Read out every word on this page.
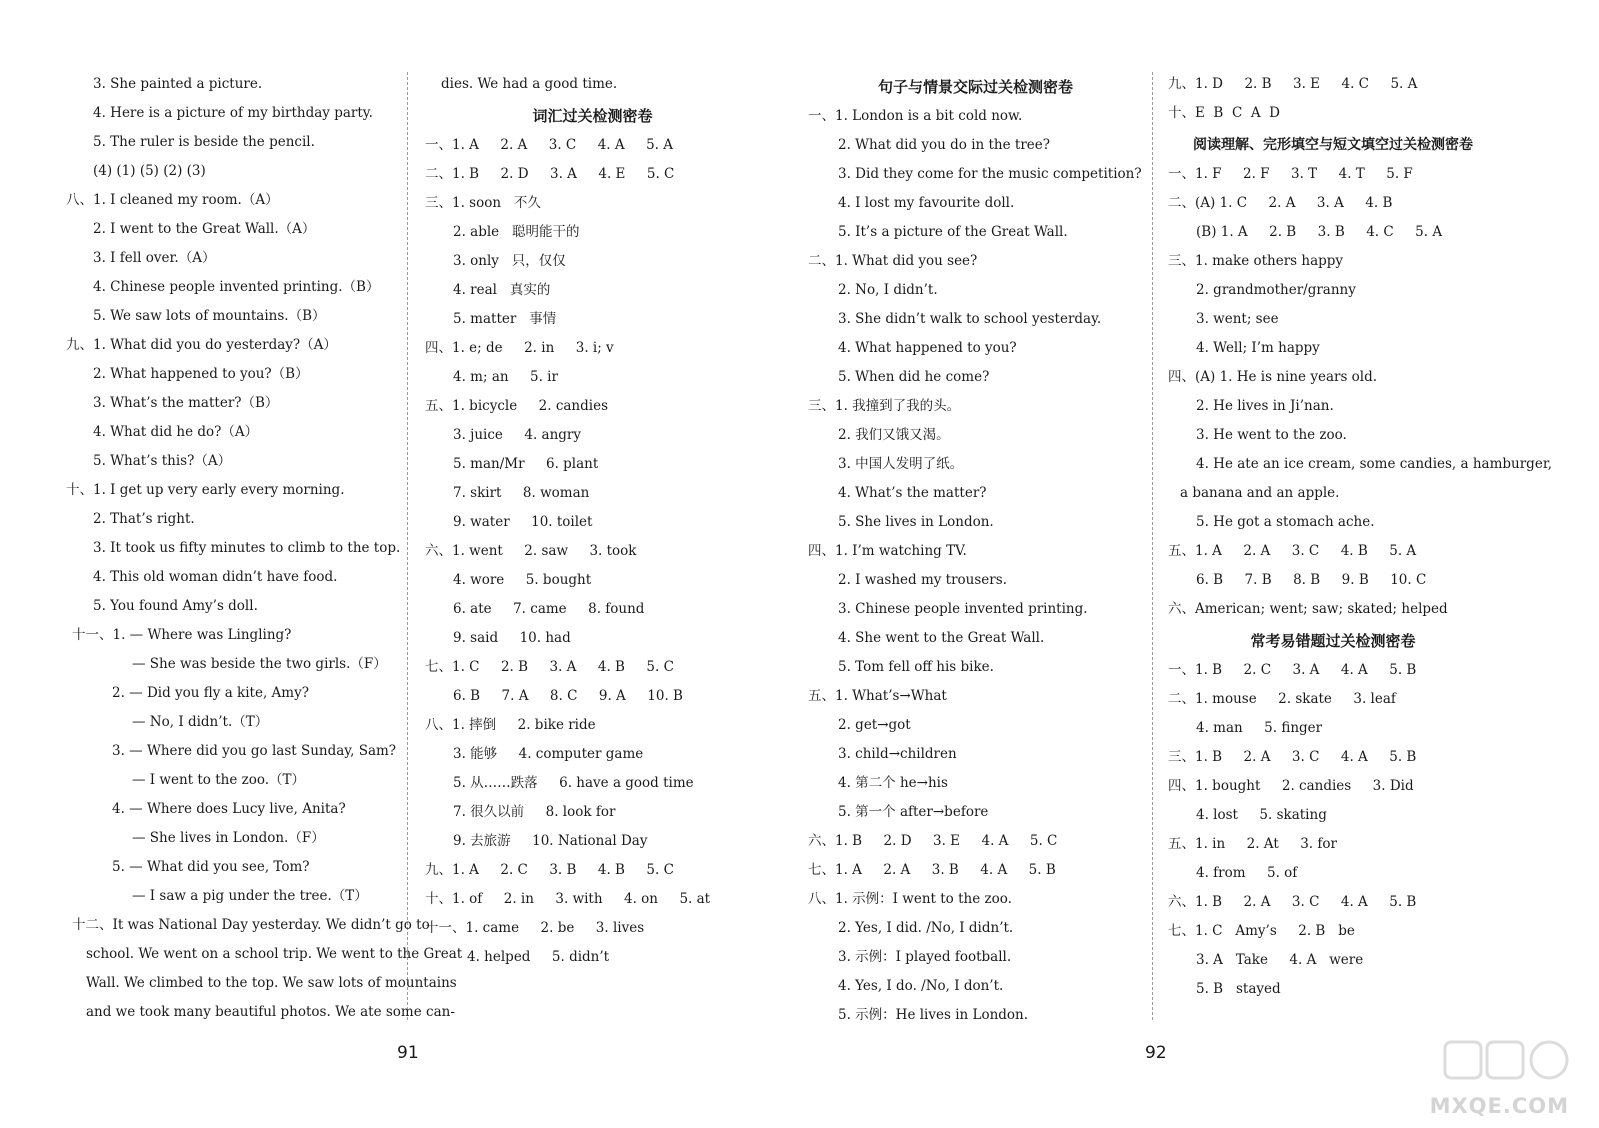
3. She painted a picture.
4. Here is a picture of my birthday party.
5. The ruler is beside the pencil.
(4) (1) (5) (2) (3)
八、1. I cleaned my room.（A）
2. I went to the Great Wall.（A）
3. I fell over.（A）
4. Chinese people invented printing.（B）
5. We saw lots of mountains.（B）
九、1. What did you do yesterday?（A）
2. What happened to you?（B）
3. What’s the matter?（B）
4. What did he do?（A）
5. What’s this?（A）
十、1. I get up very early every morning.
2. That’s right.
3. It took us fifty minutes to climb to the top.
4. This old woman didn’t have food.
5. You found Amy’s doll.
十一、1. — Where was Lingling?
— She was beside the two girls.（F）
2. — Did you fly a kite, Amy?
— No, I didn’t.（T）
3. — Where did you go last Sunday, Sam?
— I went to the zoo.（T）
4. — Where does Lucy live, Anita?
— She lives in London.（F）
5. — What did you see, Tom?
— I saw a pig under the tree.（T）
十二、It was National Day yesterday. We didn’t go to
school. We went on a school trip. We went to the Great
Wall. We climbed to the top. We saw lots of mountains
and we took many beautiful photos. We ate some can-
dies. We had a good time.
词汇过关检测密卷
一、1. A     2. A     3. C     4. A     5. A
二、1. B     2. D     3. A     4. E     5. C
三、1. soon   不久
2. able   聪明能干的
3. only   只，仅仅
4. real   真实的
5. matter   事情
四、1. e; de     2. in     3. i; v
4. m; an     5. ir
五、1. bicycle     2. candies
3. juice     4. angry
5. man/Mr     6. plant
7. skirt     8. woman
9. water     10. toilet
六、1. went     2. saw     3. took
4. wore     5. bought
6. ate     7. came     8. found
9. said     10. had
七、1. C     2. B     3. A     4. B     5. C
6. B     7. A     8. C     9. A     10. B
八、1. 摔倒     2. bike ride
3. 能够     4. computer game
5. 从……跌落     6. have a good time
7. 很久以前     8. look for
9. 去旅游     10. National Day
九、1. A     2. C     3. B     4. B     5. C
十、1. of     2. in     3. with     4. on     5. at
十一、1. came     2. be     3. lives
4. helped     5. didn’t
句子与情景交际过关检测密卷
一、1. London is a bit cold now.
2. What did you do in the tree?
3. Did they come for the music competition?
4. I lost my favourite doll.
5. It’s a picture of the Great Wall.
二、1. What did you see?
2. No, I didn’t.
3. She didn’t walk to school yesterday.
4. What happened to you?
5. When did he come?
三、1. 我撞到了我的头。
2. 我们又饿又渴。
3. 中国人发明了纸。
4. What’s the matter?
5. She lives in London.
四、1. I’m watching TV.
2. I washed my trousers.
3. Chinese people invented printing.
4. She went to the Great Wall.
5. Tom fell off his bike.
五、1. What’s→What
2. get→got
3. child→children
4. 第二个 he→his
5. 第一个 after→before
六、1. B     2. D     3. E     4. A     5. C
七、1. A     2. A     3. B     4. A     5. B
八、1. 示例：I went to the zoo.
2. Yes, I did. /No, I didn’t.
3. 示例：I played football.
4. Yes, I do. /No, I don’t.
5. 示例：He lives in London.
九、1. D     2. B     3. E     4. C     5. A
十、E  B  C  A  D
阅读理解、完形填空与短文填空过关检测密卷
一、1. F     2. F     3. T     4. T     5. F
二、(A) 1. C     2. A     3. A     4. B
(B) 1. A     2. B     3. B     4. C     5. A
三、1. make others happy
2. grandmother/granny
3. went; see
4. Well; I’m happy
四、(A) 1. He is nine years old.
2. He lives in Ji’nan.
3. He went to the zoo.
4. He ate an ice cream, some candies, a hamburger,
a banana and an apple.
5. He got a stomach ache.
五、1. A     2. A     3. C     4. B     5. A
6. B     7. B     8. B     9. B     10. C
六、American; went; saw; skated; helped
常考易错题过关检测密卷
一、1. B     2. C     3. A     4. A     5. B
二、1. mouse     2. skate     3. leaf
4. man     5. finger
三、1. B     2. A     3. C     4. A     5. B
四、1. bought     2. candies     3. Did
4. lost     5. skating
五、1. in     2. At     3. for
4. from     5. of
六、1. B     2. A     3. C     4. A     5. B
七、1. C   Amy’s     2. B   be
3. A   Take     4. A   were
5. B   stayed
91	92
MXQE.COM
